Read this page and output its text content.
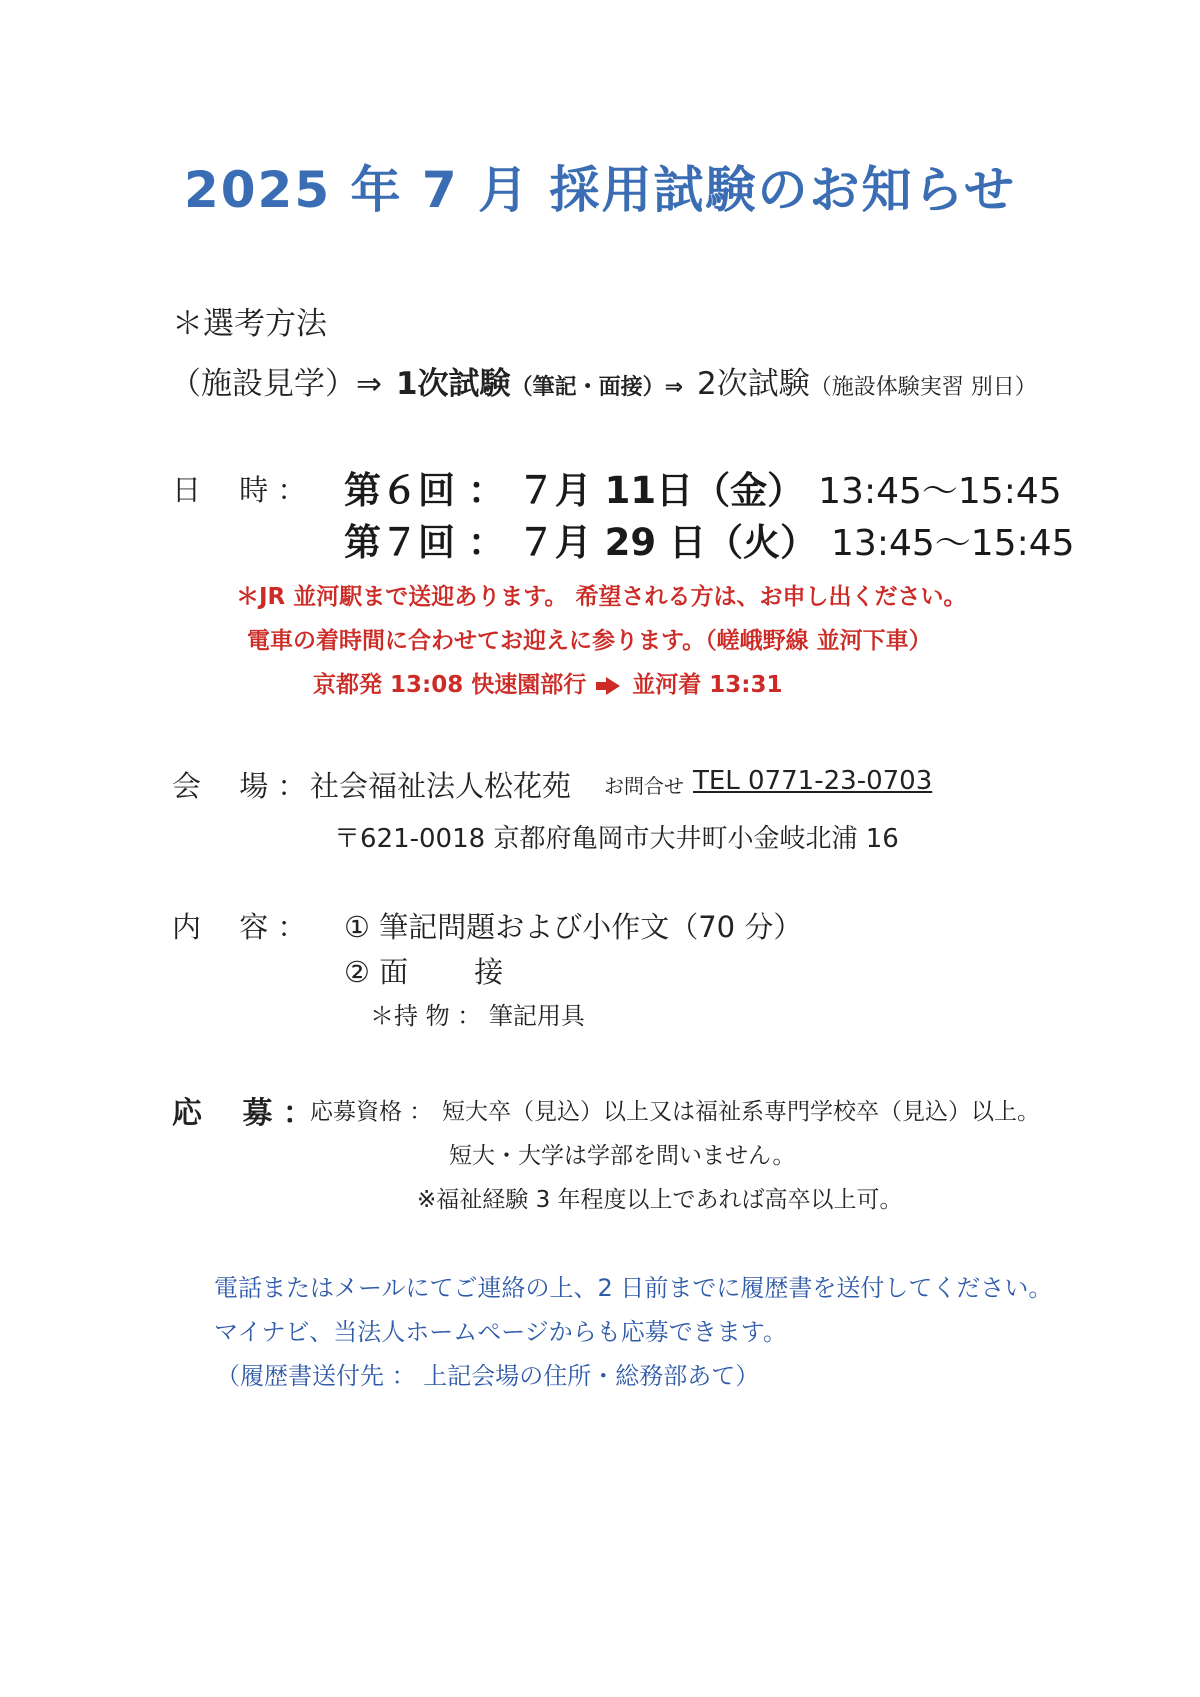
2025 年 7 月 採用試験のお知らせ
＊選考方法
（施設見学）⇒ 1次試験（筆記・面接）⇒ 2次試験（施設体験実習 別日）
日　 時 ： 第６回 ： ７月 11日（金） 13:45～15:45
第７回 ： ７月 29 日（火） 13:45～15:45
＊JR 並河駅まで送迎あります。 希望される方は、お申し出ください。
電車の着時間に合わせてお迎えに参ります。（嵯峨野線 並河下車）
京都発 13:08 快速園部行 並河着 13:31
会　 場 ： 社会福祉法人松花苑 お問合せ TEL 0771-23-0703
〒621-0018 京都府亀岡市大井町小金岐北浦 16
内　 容 ： ① 筆記問題および小作文（70 分）
② 面 接
＊持 物 ： 筆記用具
応　 募 ：
応募資格 ： 短大卒（見込）以上又は福祉系専門学校卒（見込）以上。
短大・大学は学部を問いません。
※福祉経験 3 年程度以上であれば高卒以上可。
電話またはメールにてご連絡の上、2 日前までに履歴書を送付してください。
マイナビ、当法人ホームページからも応募できます。
（履歴書送付先 ： 上記会場の住所・総務部あて）
